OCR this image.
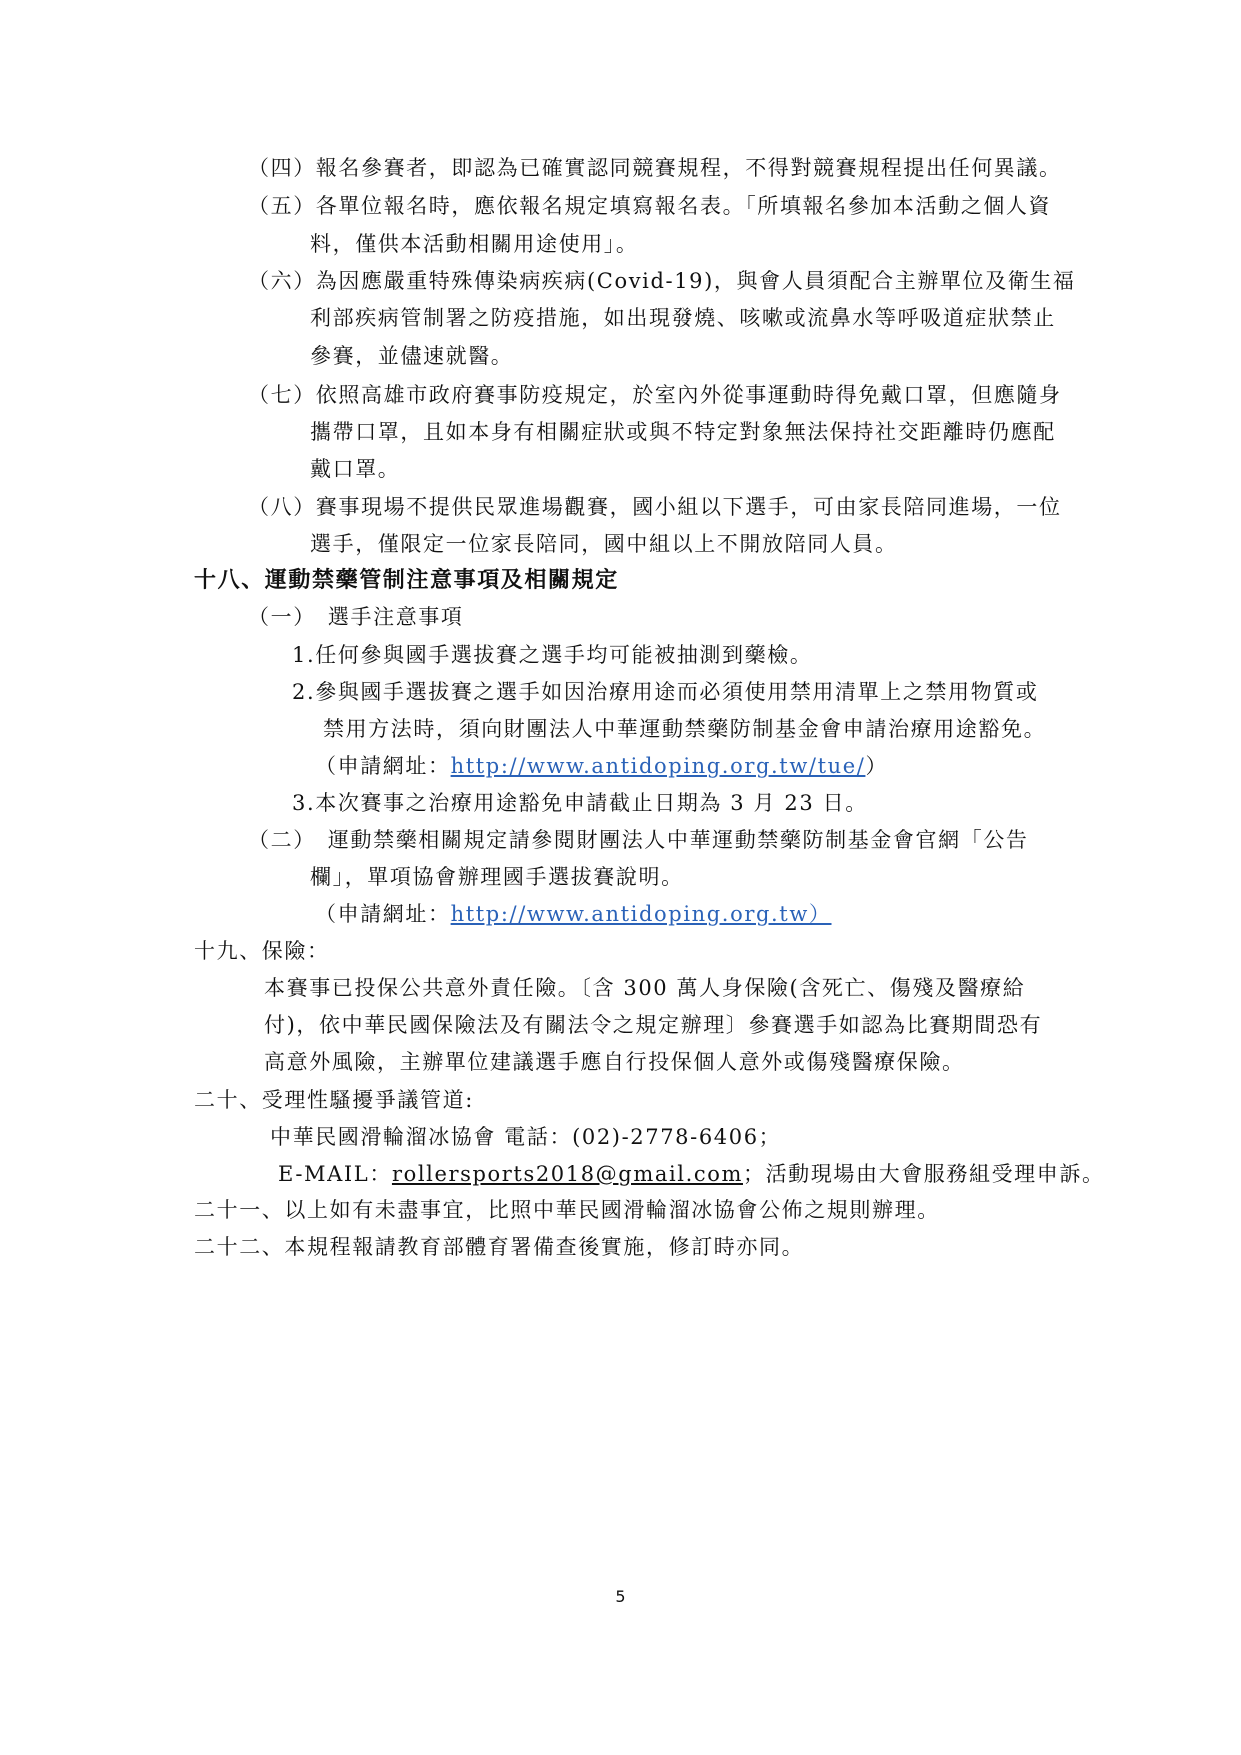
（四）報名參賽者，即認為已確實認同競賽規程，不得對競賽規程提出任何異議。
（五）各單位報名時，應依報名規定填寫報名表。「所填報名參加本活動之個人資
料，僅供本活動相關用途使用」。
（六）為因應嚴重特殊傳染病疾病(Covid-19)，與會人員須配合主辦單位及衛生福
利部疾病管制署之防疫措施，如出現發燒、咳嗽或流鼻水等呼吸道症狀禁止
參賽，並儘速就醫。
（七）依照高雄市政府賽事防疫規定，於室內外從事運動時得免戴口罩，但應隨身
攜帶口罩，且如本身有相關症狀或與不特定對象無法保持社交距離時仍應配
戴口罩。
（八）賽事現場不提供民眾進場觀賽，國小組以下選手，可由家長陪同進場，一位
選手，僅限定一位家長陪同，國中組以上不開放陪同人員。
十八、運動禁藥管制注意事項及相關規定
（一）　選手注意事項
1.任何參與國手選拔賽之選手均可能被抽測到藥檢。
2.參與國手選拔賽之選手如因治療用途而必須使用禁用清單上之禁用物質或
禁用方法時，須向財團法人中華運動禁藥防制基金會申請治療用途豁免。
（申請網址：http://www.antidoping.org.tw/tue/）
3.本次賽事之治療用途豁免申請截止日期為 3 月 23 日。
（二）　運動禁藥相關規定請參閱財團法人中華運動禁藥防制基金會官網「公告
欄」，單項協會辦理國手選拔賽說明。
（申請網址：http://www.antidoping.org.tw）
十九、保險：
本賽事已投保公共意外責任險。〔含 300 萬人身保險(含死亡、傷殘及醫療給
付)，依中華民國保險法及有關法令之規定辦理〕參賽選手如認為比賽期間恐有
高意外風險，主辦單位建議選手應自行投保個人意外或傷殘醫療保險。
二十、受理性騷擾爭議管道:
中華民國滑輪溜冰協會 電話：(02)-2778-6406；
E-MAIL：rollersports2018@gmail.com；活動現場由大會服務組受理申訴。
二十一、以上如有未盡事宜，比照中華民國滑輪溜冰協會公佈之規則辦理。
二十二、本規程報請教育部體育署備查後實施，修訂時亦同。
5
